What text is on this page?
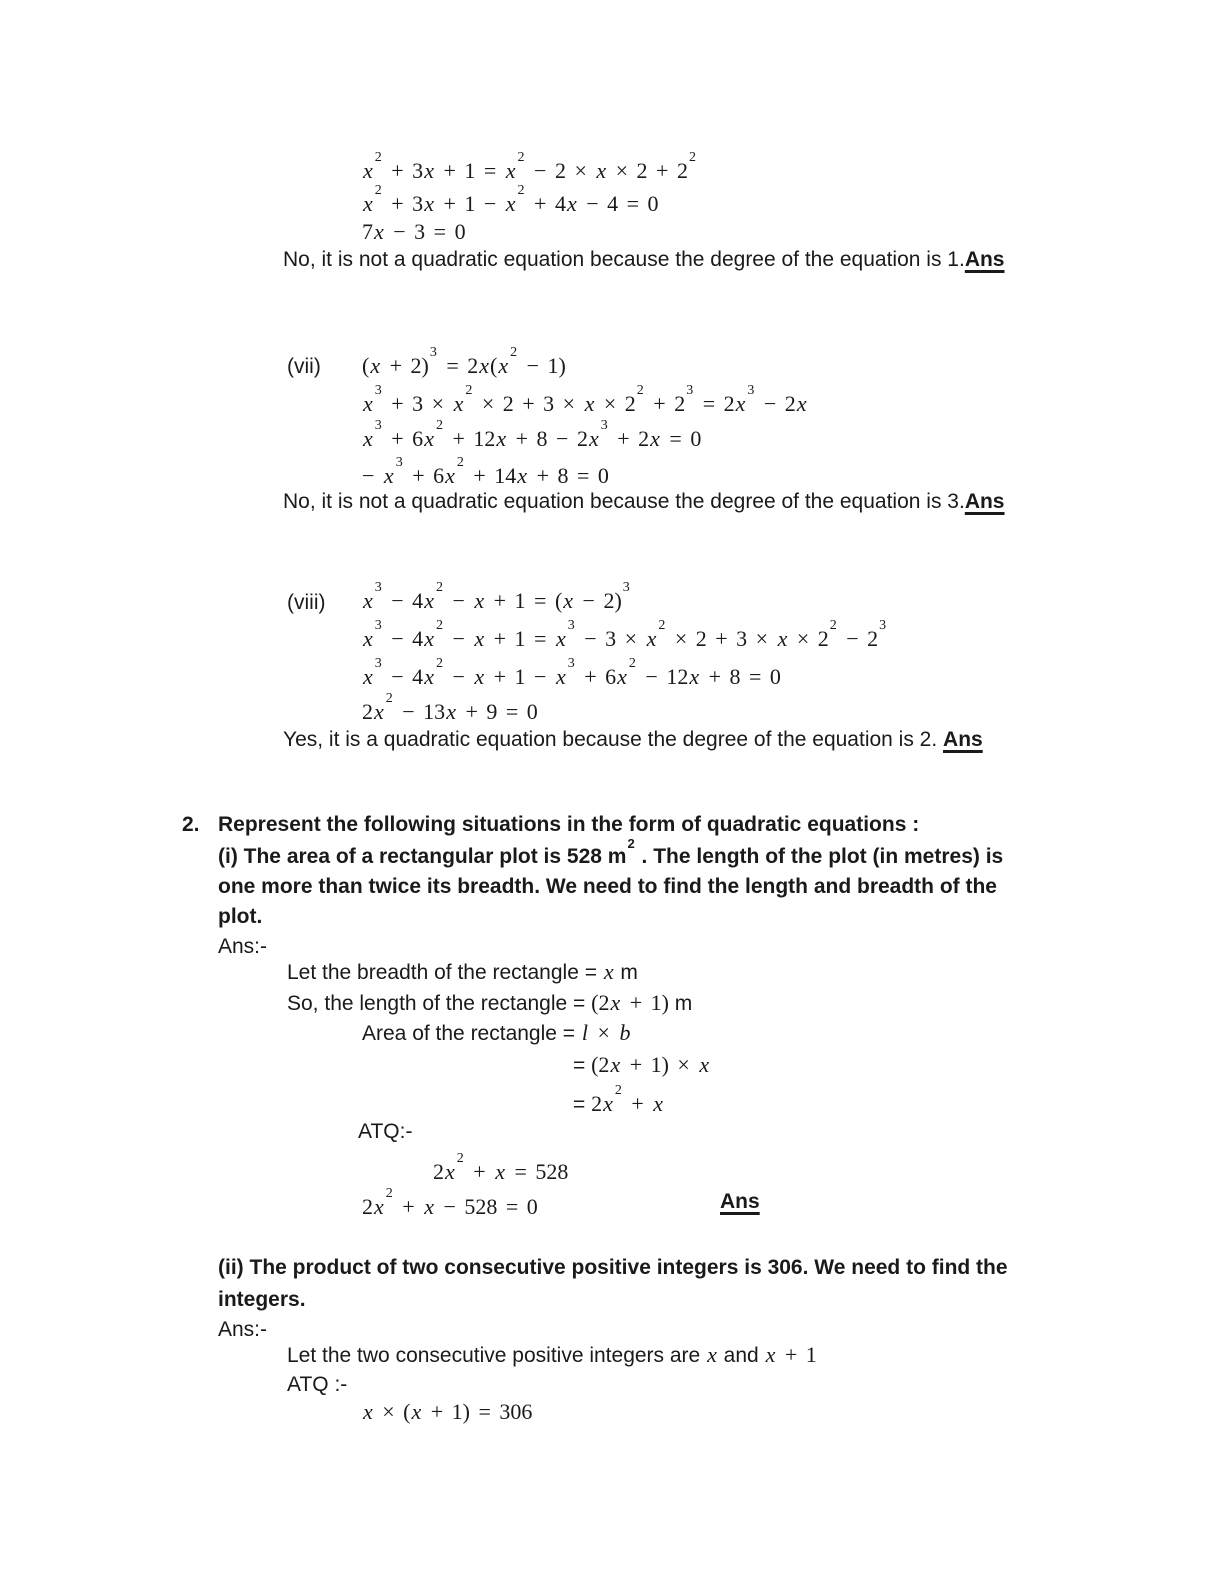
$x^2 + 3x + 1 = x^2 - 2 \times x \times 2 + 2^2$
$x^2 + 3x + 1 - x^2 + 4x - 4 = 0$
7x − 3 = 0
No, it is not a quadratic equation because the degree of the equation is 1.Ans
(vii) $(x + 2)^3 = 2x(x^2 - 1)$
$x^3 + 3 \times x^2 \times 2 + 3 \times x \times 2^2 + 2^3 = 2x^3 - 2x$
$x^3 + 6x^2 + 12x + 8 - 2x^3 + 2x = 0$
− $x^3 + 6x^2 + 14x + 8 = 0$
No, it is not a quadratic equation because the degree of the equation is 3.Ans
(viii) $x^3 - 4x^2 - x + 1 = (x - 2)^3$
$x^3 - 4x^2 - x + 1 = x^3 - 3 \times x^2 \times 2 + 3 \times x \times 2^2 - 2^3$
$x^3 - 4x^2 - x + 1 - x^3 + 6x^2 - 12x + 8 = 0$
$2x^2 - 13x + 9 = 0$
Yes, it is a quadratic equation because the degree of the equation is 2. Ans
2. Represent the following situations in the form of quadratic equations :
(i) The area of a rectangular plot is 528 $m^2$ . The length of the plot (in metres) is
one more than twice its breadth. We need to find the length and breadth of the
plot.
Ans:-
Let the breadth of the rectangle = x m
So, the length of the rectangle = (2x + 1) m
Area of the rectangle = l × b
= (2x + 1) × x
= $2x^2 + x$
ATQ:-
$2x^2 + x = 528$
$2x^2 + x - 528 = 0$	Ans
(ii) The product of two consecutive positive integers is 306. We need to find the
integers.
Ans:-
Let the two consecutive positive integers are x and x + 1
ATQ :-
x × (x + 1) = 306
